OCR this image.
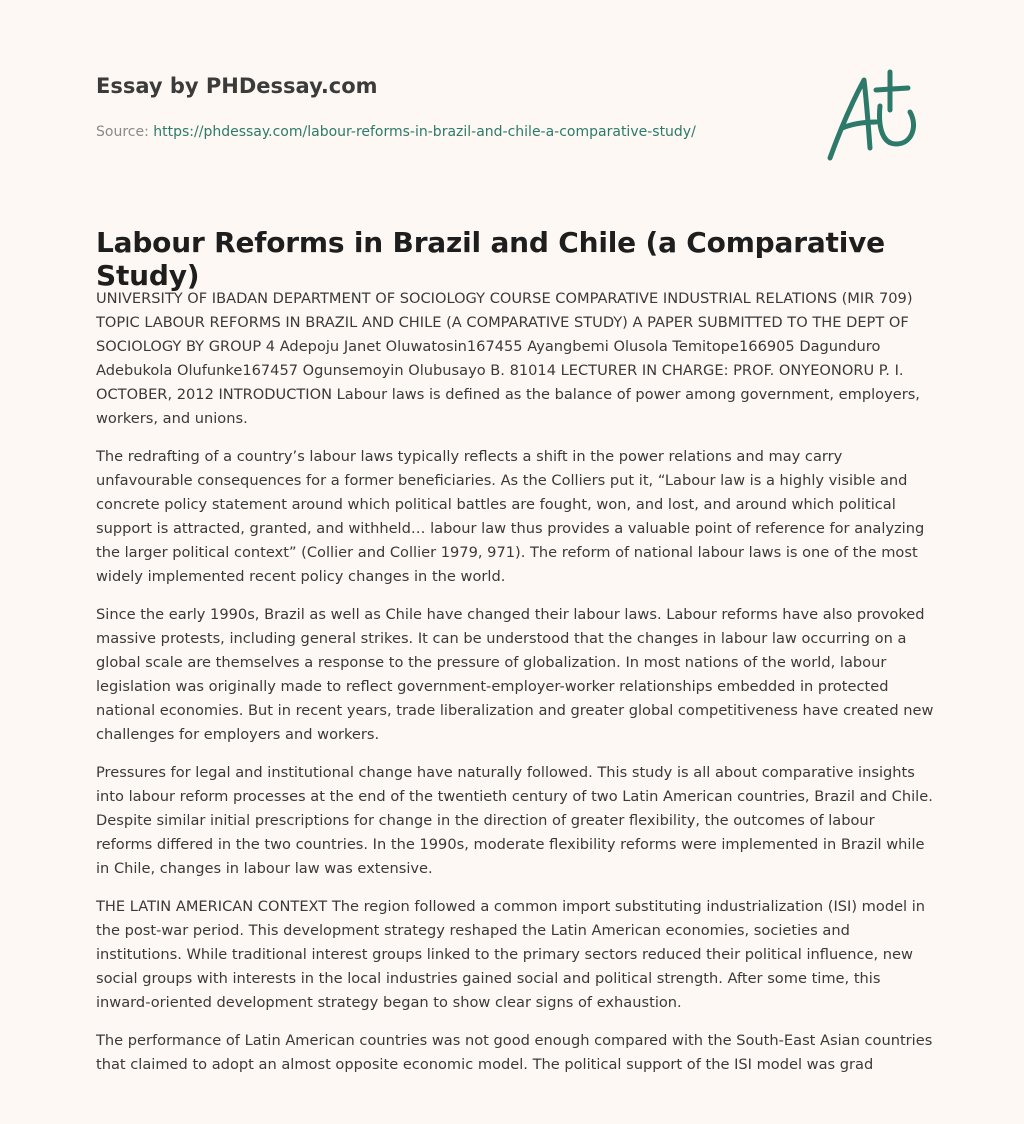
Essay by PHDessay.com

Source: https://phdessay.com/labour-reforms-in-brazil-and-chile-a-comparative-study/

Labour Reforms in Brazil and Chile (a Comparative Study)

UNIVERSITY OF IBADAN DEPARTMENT OF SOCIOLOGY COURSE COMPARATIVE INDUSTRIAL RELATIONS (MIR 709) TOPIC LABOUR REFORMS IN BRAZIL AND CHILE (A COMPARATIVE STUDY) A PAPER SUBMITTED TO THE DEPT OF SOCIOLOGY BY GROUP 4 Adepoju Janet Oluwatosin167455 Ayangbemi Olusola Temitope166905 Dagunduro Adebukola Olufunke167457 Ogunsemoyin Olubusayo B. 81014 LECTURER IN CHARGE: PROF. ONYEONORU P. I. OCTOBER, 2012 INTRODUCTION Labour laws is defined as the balance of power among government, employers, workers, and unions.

The redrafting of a country’s labour laws typically reflects a shift in the power relations and may carry unfavourable consequences for a former beneficiaries. As the Colliers put it, “Labour law is a highly visible and concrete policy statement around which political battles are fought, won, and lost, and around which political support is attracted, granted, and withheld… labour law thus provides a valuable point of reference for analyzing the larger political context” (Collier and Collier 1979, 971). The reform of national labour laws is one of the most widely implemented recent policy changes in the world.

Since the early 1990s, Brazil as well as Chile have changed their labour laws. Labour reforms have also provoked massive protests, including general strikes. It can be understood that the changes in labour law occurring on a global scale are themselves a response to the pressure of globalization. In most nations of the world, labour legislation was originally made to reflect government-employer-worker relationships embedded in protected national economies. But in recent years, trade liberalization and greater global competitiveness have created new challenges for employers and workers.

Pressures for legal and institutional change have naturally followed. This study is all about comparative insights into labour reform processes at the end of the twentieth century of two Latin American countries, Brazil and Chile. Despite similar initial prescriptions for change in the direction of greater flexibility, the outcomes of labour reforms differed in the two countries. In the 1990s, moderate flexibility reforms were implemented in Brazil while in Chile, changes in labour law was extensive.

THE LATIN AMERICAN CONTEXT The region followed a common import substituting industrialization (ISI) model in the post-war period. This development strategy reshaped the Latin American economies, societies and institutions. While traditional interest groups linked to the primary sectors reduced their political influence, new social groups with interests in the local industries gained social and political strength. After some time, this inward-oriented development strategy began to show clear signs of exhaustion.

The performance of Latin American countries was not good enough compared with the South-East Asian countries that claimed to adopt an almost opposite economic model. The political support of the ISI model was grad
